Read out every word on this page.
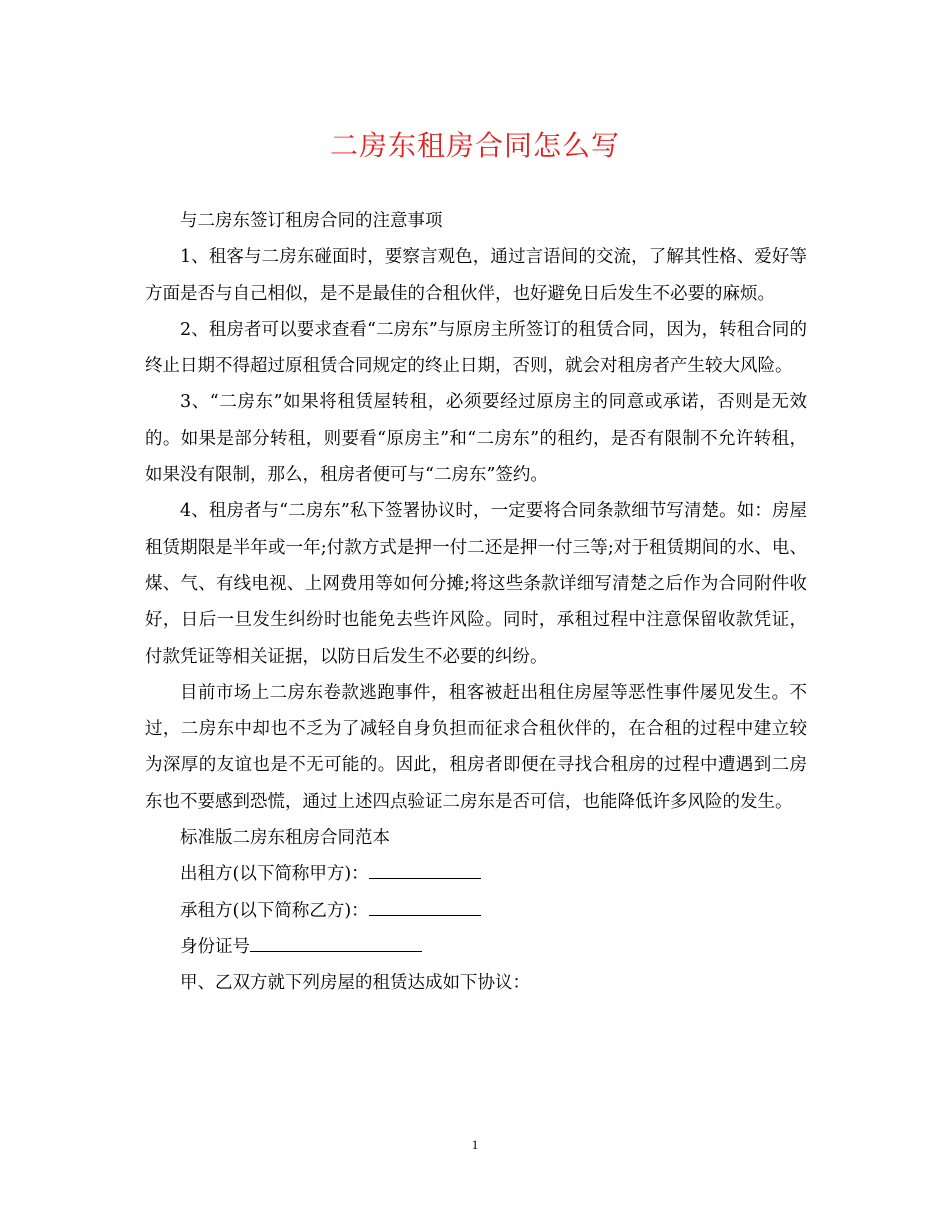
二房东租房合同怎么写

与二房东签订租房合同的注意事项

1、租客与二房东碰面时，要察言观色，通过言语间的交流，了解其性格、爱好等方面是否与自己相似，是不是最佳的合租伙伴，也好避免日后发生不必要的麻烦。

2、租房者可以要求查看“二房东”与原房主所签订的租赁合同，因为，转租合同的终止日期不得超过原租赁合同规定的终止日期，否则，就会对租房者产生较大风险。

3、“二房东”如果将租赁屋转租，必须要经过原房主的同意或承诺，否则是无效的。如果是部分转租，则要看“原房主”和“二房东”的租约，是否有限制不允许转租，如果没有限制，那么，租房者便可与“二房东”签约。

4、租房者与“二房东”私下签署协议时，一定要将合同条款细节写清楚。如：房屋租赁期限是半年或一年;付款方式是押一付二还是押一付三等;对于租赁期间的水、电、煤、气、有线电视、上网费用等如何分摊;将这些条款详细写清楚之后作为合同附件收好，日后一旦发生纠纷时也能免去些许风险。同时，承租过程中注意保留收款凭证，付款凭证等相关证据，以防日后发生不必要的纠纷。

目前市场上二房东卷款逃跑事件，租客被赶出租住房屋等恶性事件屡见发生。不过，二房东中却也不乏为了减轻自身负担而征求合租伙伴的，在合租的过程中建立较为深厚的友谊也是不无可能的。因此，租房者即便在寻找合租房的过程中遭遇到二房东也不要感到恐慌，通过上述四点验证二房东是否可信，也能降低许多风险的发生。

标准版二房东租房合同范本

出租方(以下简称甲方)：

承租方(以下简称乙方)：

身份证号

甲、乙双方就下列房屋的租赁达成如下协议：

1
